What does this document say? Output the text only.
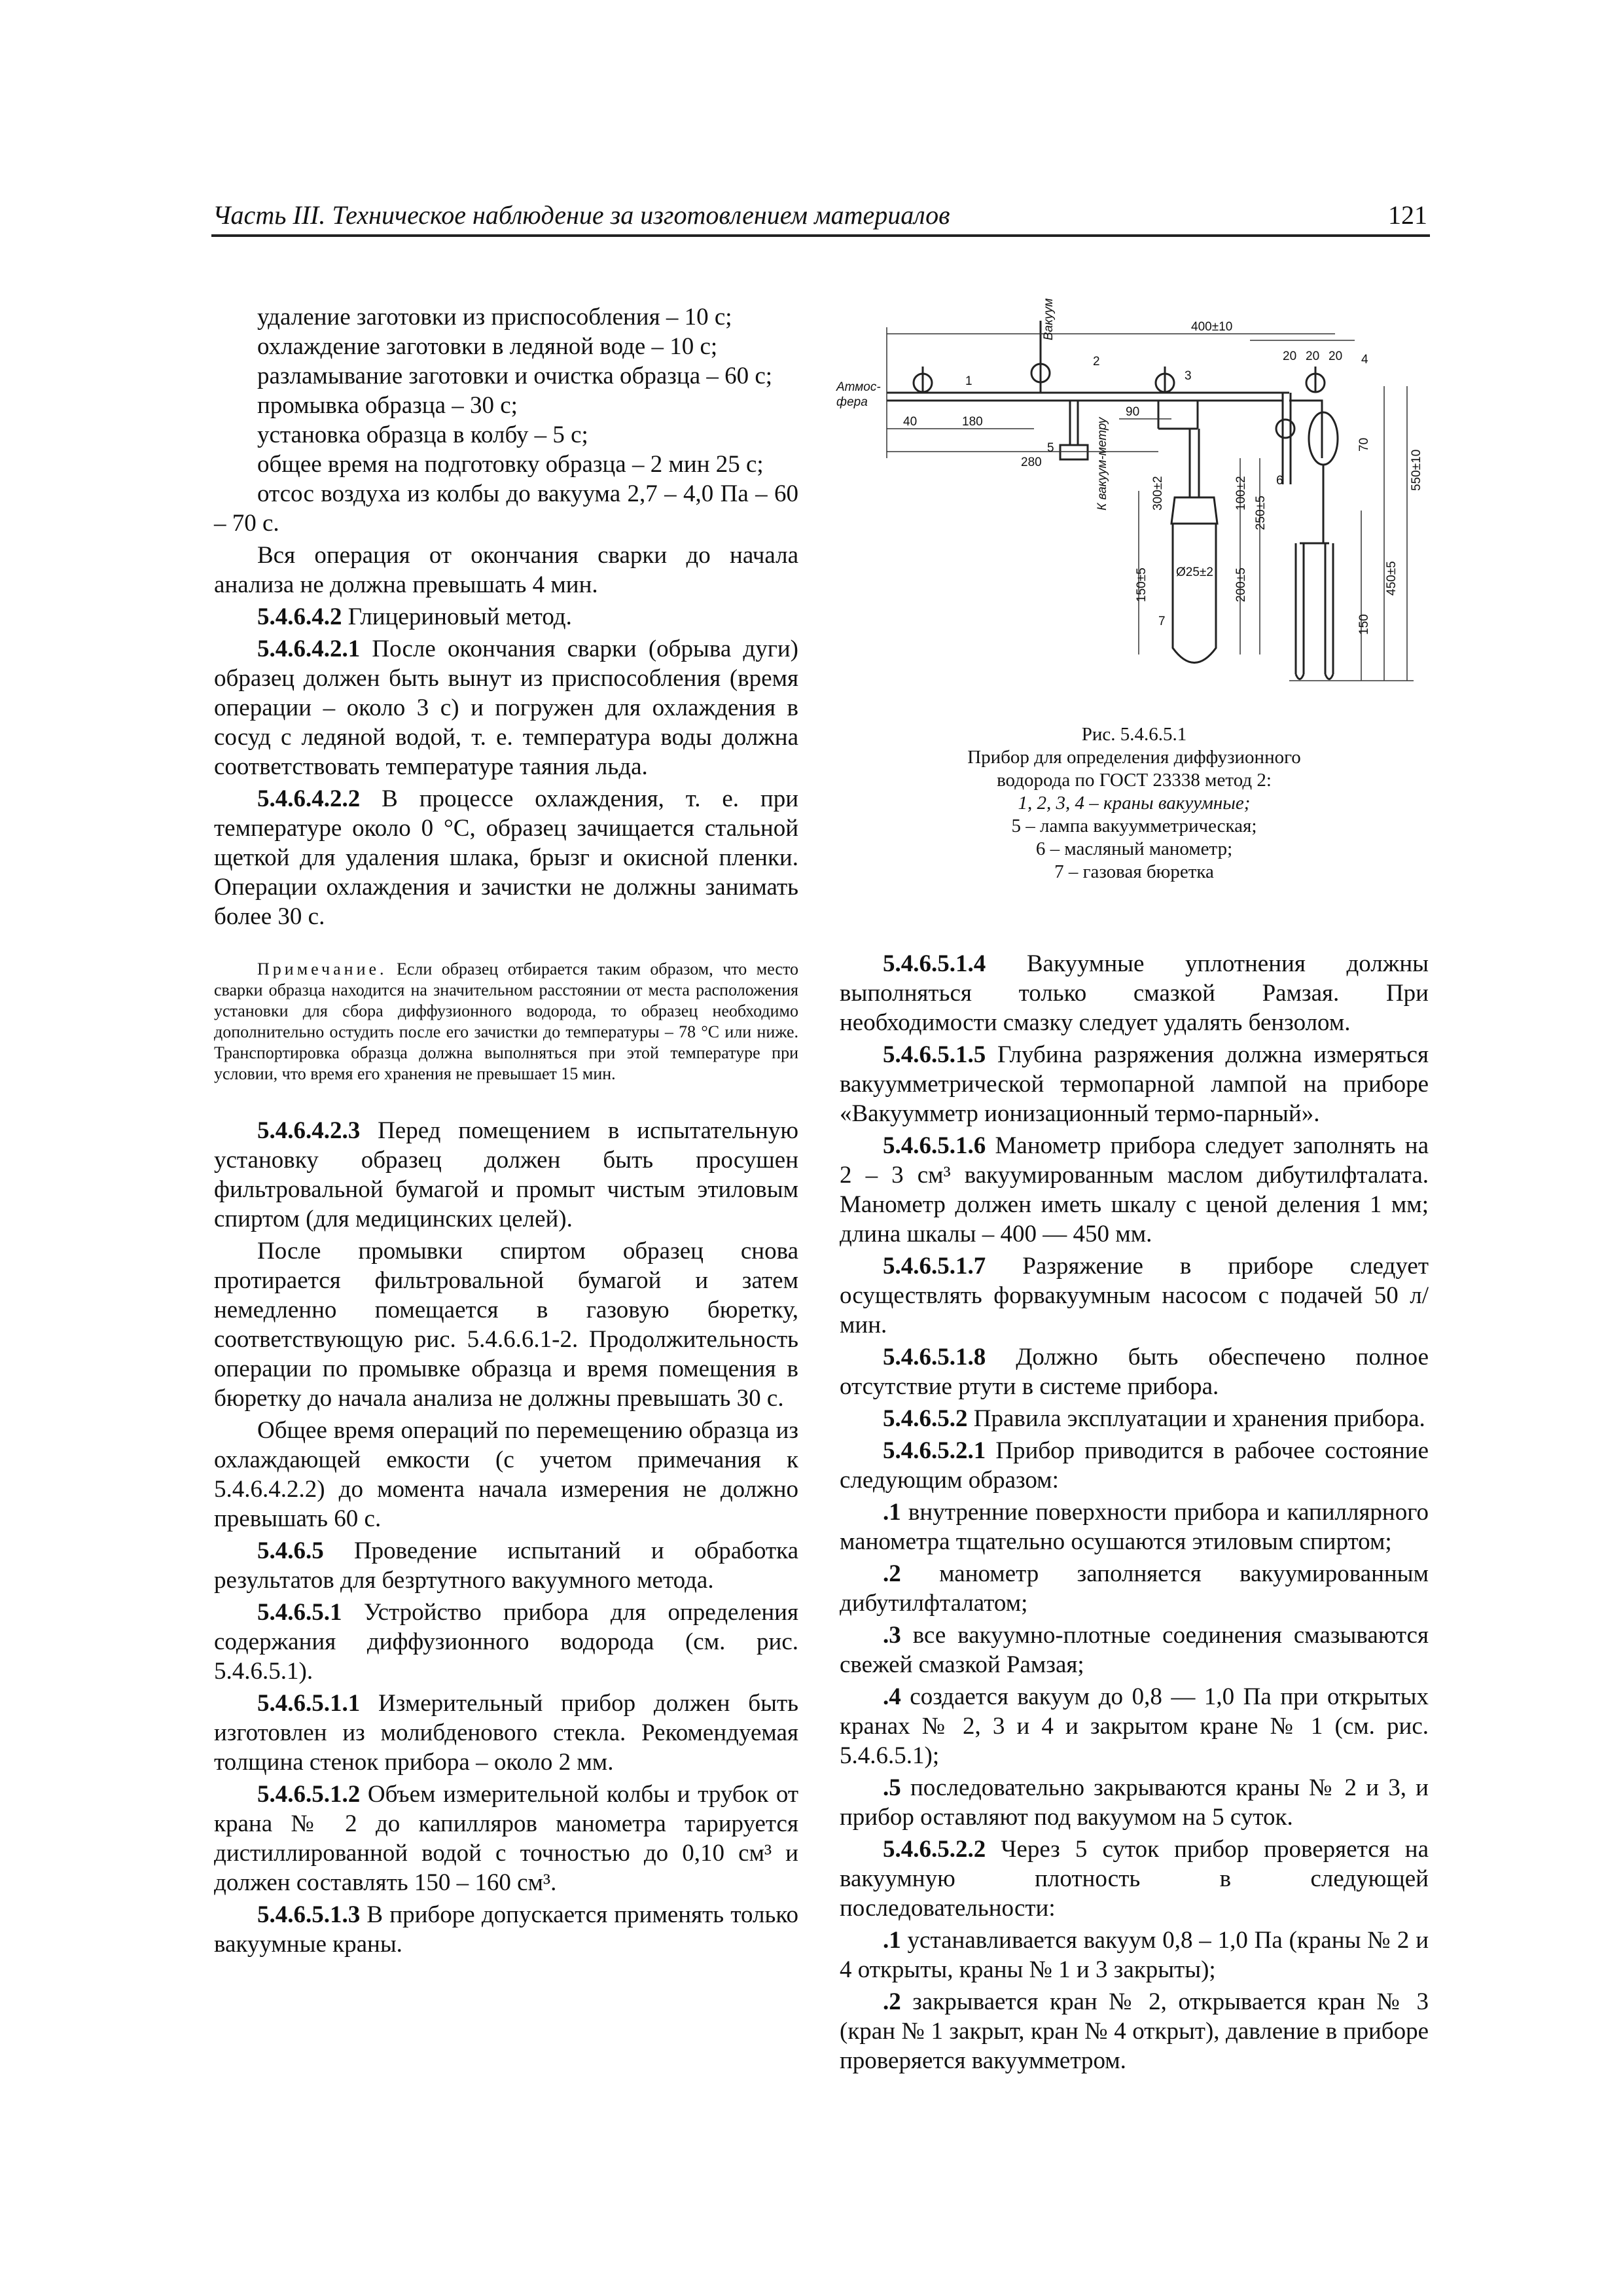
Часть III. Техническое наблюдение за изготовлением материалов	121

удаление заготовки из приспособления – 10 с;

охлаждение заготовки в ледяной воде – 10 с;

разламывание заготовки и очистка образца – 60 с;

промывка образца – 30 с;

установка образца в колбу – 5 с;

общее время на подготовку образца – 2 мин 25 с;

отсос воздуха из колбы до вакуума 2,7 – 4,0 Па – 60 – 70 с.

Вся операция от окончания сварки до начала анализа не должна превышать 4 мин.

5.4.6.4.2 Глицериновый метод.

5.4.6.4.2.1 После окончания сварки (обрыва дуги) образец должен быть вынут из приспособления (время операции – около 3 с) и погружен для охлаждения в сосуд с ледяной водой, т. е. температура воды должна соответствовать температуре таяния льда.

5.4.6.4.2.2 В процессе охлаждения, т. е. при температуре около 0 °С, образец зачищается стальной щеткой для удаления шлака, брызг и окисной пленки. Операции охлаждения и зачистки не должны занимать более 30 с.

Примечание. Если образец отбирается таким образом, что место сварки образца находится на значительном расстоянии от места расположения установки для сбора диффузионного водорода, то образец необходимо дополнительно остудить после его зачистки до температуры – 78 °С или ниже. Транспортировка образца должна выполняться при этой температуре при условии, что время его хранения не превышает 15 мин.

5.4.6.4.2.3 Перед помещением в испытательную установку образец должен быть просушен фильтровальной бумагой и промыт чистым этиловым спиртом (для медицинских целей).

После промывки спиртом образец снова протирается фильтровальной бумагой и затем немедленно помещается в газовую бюретку, соответствующую рис. 5.4.6.6.1-2. Продолжительность операции по промывке образца и время помещения в бюретку до начала анализа не должны превышать 30 с.

Общее время операций по перемещению образца из охлаждающей емкости (с учетом примечания к 5.4.6.4.2.2) до момента начала измерения не должно превышать 60 с.

5.4.6.5 Проведение испытаний и обработка результатов для безртутного вакуумного метода.

5.4.6.5.1 Устройство прибора для определения содержания диффузионного водорода (см. рис. 5.4.6.5.1).

5.4.6.5.1.1 Измерительный прибор должен быть изготовлен из молибденового стекла. Рекомендуемая толщина стенок прибора – около 2 мм.

5.4.6.5.1.2 Объем измерительной колбы и трубок от крана № 2 до капилляров манометра тарируется дистиллированной водой с точностью до 0,10 см³ и должен составлять 150 – 160 см³.

5.4.6.5.1.3 В приборе допускается применять только вакуумные краны.

Атмос-
фера
Вакуум
К вакуум-метру
400±10
40	180
90
280
20 20 20
1
2
3
4
5
6
7
150±5
300±2	100±2
250±5
200±5
550±10
450±5
150
70
Ø25±2
Рис. 5.4.6.5.1
Прибор для определения диффузионного
водорода по ГОСТ 23338 метод 2:
1, 2, 3, 4 – краны вакуумные;
5 – лампа вакуумметрическая;
6 – масляный манометр;
7 – газовая бюретка

5.4.6.5.1.4 Вакуумные уплотнения должны выполняться только смазкой Рамзая. При необходимости смазку следует удалять бензолом.

5.4.6.5.1.5 Глубина разряжения должна измеряться вакуумметрической термопарной лампой на приборе «Вакуумметр ионизационный термо-парный».

5.4.6.5.1.6 Манометр прибора следует заполнять на 2 – 3 см³ вакуумированным маслом дибутилфталата. Манометр должен иметь шкалу с ценой деления 1 мм; длина шкалы – 400 — 450 мм.

5.4.6.5.1.7 Разряжение в приборе следует осуществлять форвакуумным насосом с подачей 50 л/мин.

5.4.6.5.1.8 Должно быть обеспечено полное отсутствие ртути в системе прибора.

5.4.6.5.2 Правила эксплуатации и хранения прибора.

5.4.6.5.2.1 Прибор приводится в рабочее состояние следующим образом:

.1 внутренние поверхности прибора и капиллярного манометра тщательно осушаются этиловым спиртом;

.2 манометр заполняется вакуумированным дибутилфталатом;

.3 все вакуумно-плотные соединения смазываются свежей смазкой Рамзая;

.4 создается вакуум до 0,8 — 1,0 Па при открытых кранах № 2, 3 и 4 и закрытом кране № 1 (см. рис. 5.4.6.5.1);

.5 последовательно закрываются краны № 2 и 3, и прибор оставляют под вакуумом на 5 суток.

5.4.6.5.2.2 Через 5 суток прибор проверяется на вакуумную плотность в следующей последовательности:

.1 устанавливается вакуум 0,8 – 1,0 Па (краны № 2 и 4 открыты, краны № 1 и 3 закрыты);

.2 закрывается кран № 2, открывается кран № 3 (кран № 1 закрыт, кран № 4 открыт), давление в приборе проверяется вакуумметром.
